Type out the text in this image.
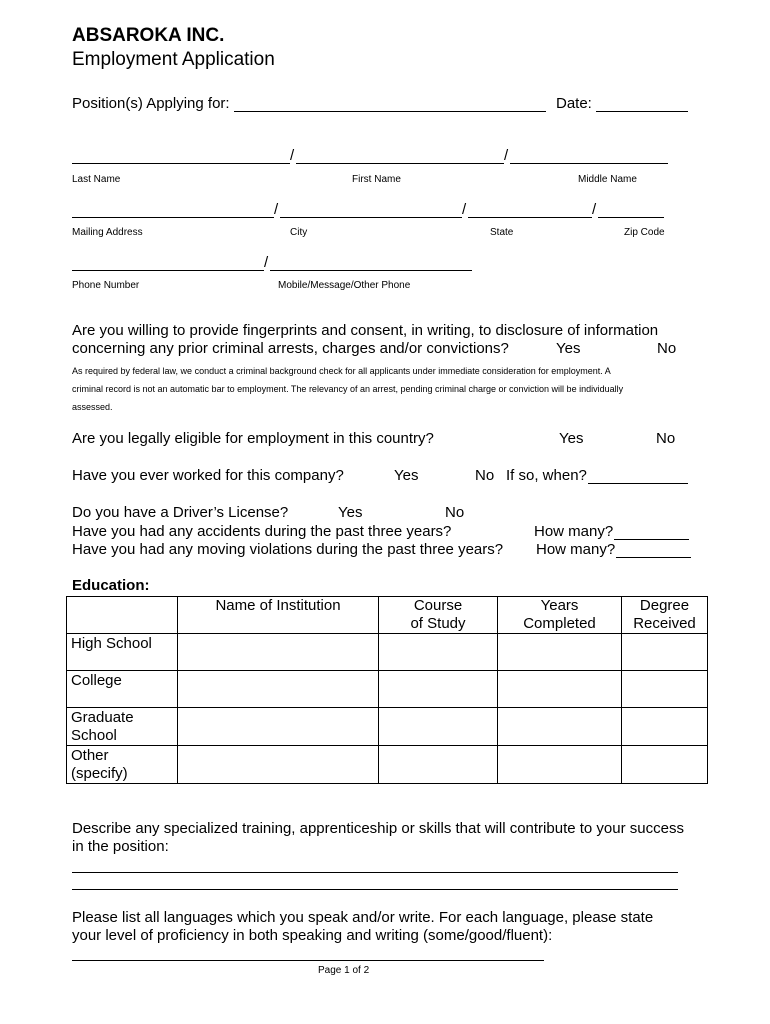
ABSAROKA INC.
Employment Application
Position(s) Applying for:	Date:
/	/
Last Name	First Name	Middle Name
/	/	/
Mailing Address	City	State	Zip Code
/
Phone Number	Mobile/Message/Other Phone
Are you willing to provide fingerprints and consent, in writing, to disclosure of information
concerning any prior criminal arrests, charges and/or convictions?	Yes	No
As required by federal law, we conduct a criminal background check for all applicants under immediate consideration for employment. A
criminal record is not an automatic bar to employment. The relevancy of an arrest, pending criminal charge or conviction will be individually
assessed.
Are you legally eligible for employment in this country?	Yes	No
Have you ever worked for this company?	Yes	No If so, when?
Do you have a Driver’s License?	Yes	No
Have you had any accidents during the past three years?	How many?
Have you had any moving violations during the past three years? How many?
Education:
	Name of Institution	Course of Study	Years Completed	Degree Received

High School				
College				

Graduate School				

Other (specify)				

Describe any specialized training, apprenticeship or skills that will contribute to your success
in the position:
Please list all languages which you speak and/or write. For each language, please state
your level of proficiency in both speaking and writing (some/good/fluent):
Page 1 of 2
